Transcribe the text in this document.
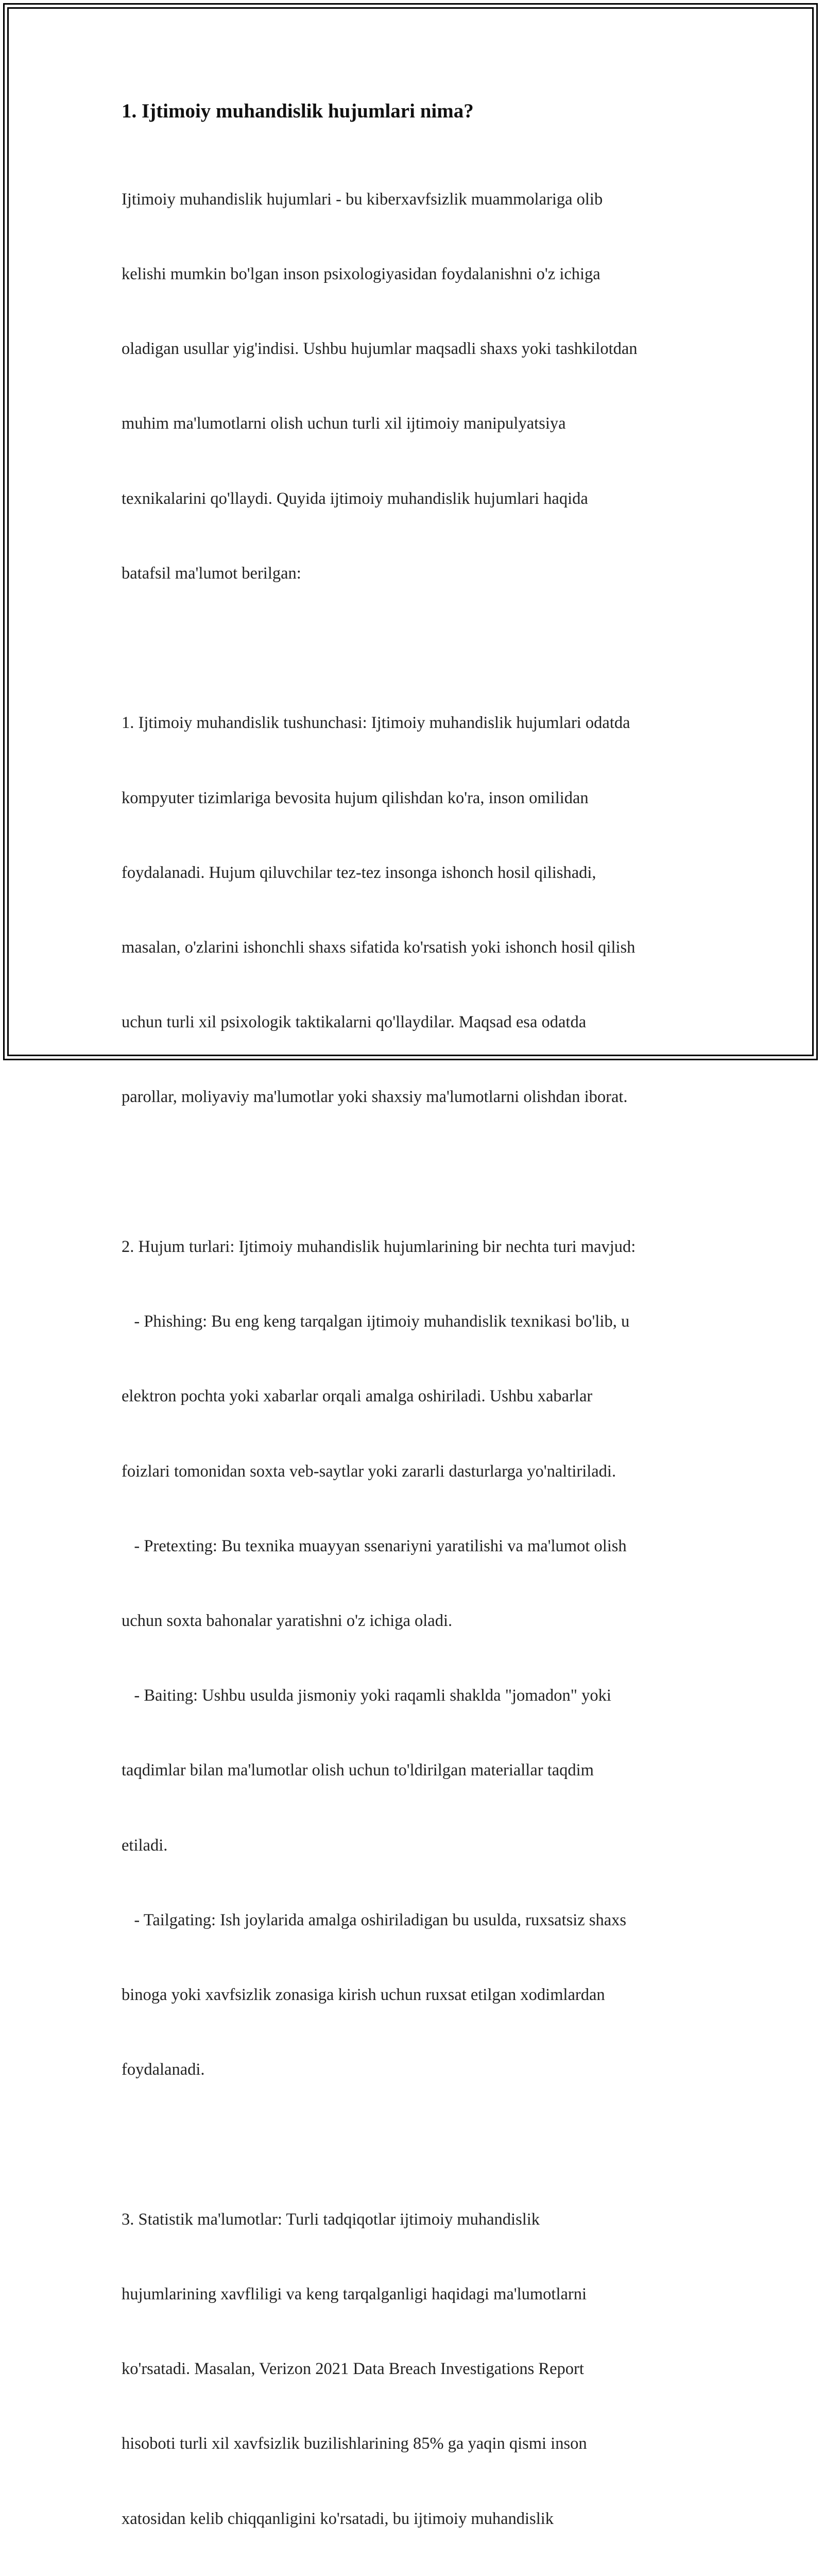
1. Ijtimoiy muhandislik hujumlari nima?

Ijtimoiy muhandislik hujumlari - bu kiberxavfsizlik muammolariga olib

kelishi mumkin bo'lgan inson psixologiyasidan foydalanishni o'z ichiga

oladigan usullar yig'indisi. Ushbu hujumlar maqsadli shaxs yoki tashkilotdan

muhim ma'lumotlarni olish uchun turli xil ijtimoiy manipulyatsiya

texnikalarini qo'llaydi. Quyida ijtimoiy muhandislik hujumlari haqida

batafsil ma'lumot berilgan:

1. Ijtimoiy muhandislik tushunchasi: Ijtimoiy muhandislik hujumlari odatda

kompyuter tizimlariga bevosita hujum qilishdan ko'ra, inson omilidan

foydalanadi. Hujum qiluvchilar tez-tez insonga ishonch hosil qilishadi,

masalan, o'zlarini ishonchli shaxs sifatida ko'rsatish yoki ishonch hosil qilish

uchun turli xil psixologik taktikalarni qo'llaydilar. Maqsad esa odatda

parollar, moliyaviy ma'lumotlar yoki shaxsiy ma'lumotlarni olishdan iborat.

2. Hujum turlari: Ijtimoiy muhandislik hujumlarining bir nechta turi mavjud:

- Phishing: Bu eng keng tarqalgan ijtimoiy muhandislik texnikasi bo'lib, u

elektron pochta yoki xabarlar orqali amalga oshiriladi. Ushbu xabarlar

foizlari tomonidan soxta veb-saytlar yoki zararli dasturlarga yo'naltiriladi.

- Pretexting: Bu texnika muayyan ssenariyni yaratilishi va ma'lumot olish

uchun soxta bahonalar yaratishni o'z ichiga oladi.

- Baiting: Ushbu usulda jismoniy yoki raqamli shaklda "jomadon" yoki

taqdimlar bilan ma'lumotlar olish uchun to'ldirilgan materiallar taqdim

etiladi.

- Tailgating: Ish joylarida amalga oshiriladigan bu usulda, ruxsatsiz shaxs

binoga yoki xavfsizlik zonasiga kirish uchun ruxsat etilgan xodimlardan

foydalanadi.

3. Statistik ma'lumotlar: Turli tadqiqotlar ijtimoiy muhandislik

hujumlarining xavfliligi va keng tarqalganligi haqidagi ma'lumotlarni

ko'rsatadi. Masalan, Verizon 2021 Data Breach Investigations Report

hisoboti turli xil xavfsizlik buzilishlarining 85% ga yaqin qismi inson

xatosidan kelib chiqqanligini ko'rsatadi, bu ijtimoiy muhandislik
